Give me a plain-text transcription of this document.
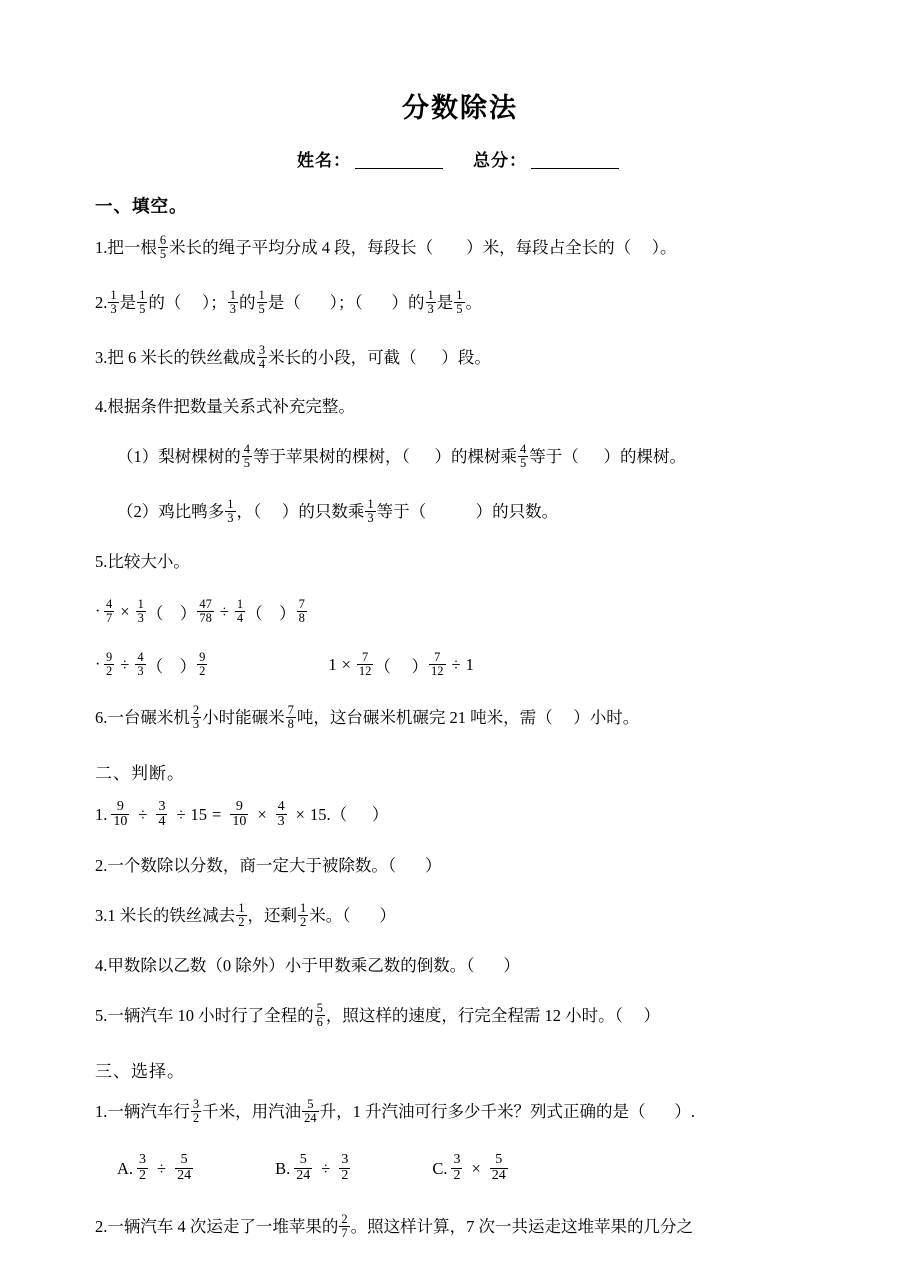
分数除法
姓名：	总分：
一、填空。
1. 把一根 $\frac{6}{5}$ 米长的绳子平均分成 4 段，每段长（
）米，每段占全长的（
）。
2. $\frac{1}{3}$ 是 $\frac{1}{5}$ 的（
）； $\frac{1}{3}$ 的 $\frac{1}{5}$ 是（
）；（
）的 $\frac{1}{3}$ 是 $\frac{1}{5}$ 。
3. 把 6 米长的铁丝截成 $\frac{3}{4}$ 米长的小段，可截（
）段。
4. 根据条件把数量关系式补充完整。
（1）梨树棵树的 $\frac{4}{5}$ 等于苹果树的棵树，（
）的棵树乘 $\frac{4}{5}$ 等于（
）的棵树。
（2）鸡比鸭多 $\frac{1}{3}$ ，（
）的只数乘 $\frac{1}{3}$ 等于（
	）的只数。
5. 比较大小。
· $\frac{4}{7} \times \frac{1}{3}$ （
） $\frac{47}{78} \div \frac{1}{4}$ （
） $\frac{7}{8}$
· $\frac{9}{2} \div \frac{4}{3}$ （
） $\frac{9}{2}$	$1 \times \frac{7}{12}$ （
） $\frac{7}{12} \div 1$
6. 一台碾米机 $\frac{2}{3}$ 小时能碾米 $\frac{7}{8}$ 吨，这台碾米机碾完 21 吨米，需（
）小时。
二、判断。
1. $\frac{9}{10} \div \frac{3}{4} \div 15 = \frac{9}{10} \times \frac{4}{3} \times 15$. （
）
2. 一个数除以分数，商一定大于被除数。（
）
3. 1 米长的铁丝减去 $\frac{1}{2}$ ，还剩 $\frac{1}{2}$ 米。（
）
4. 甲数除以乙数（0 除外）小于甲数乘乙数的倒数。（
）
5. 一辆汽车 10 小时行了全程的 $\frac{5}{6}$ ，照这样的速度，行完全程需 12 小时。（
）
三、选择。
1. 一辆汽车行 $\frac{3}{2}$ 千米，用汽油 $\frac{5}{24}$ 升，1 升汽油可行多少千米？列式正确的是（
）.
A. $\frac{3}{2} \div \frac{5}{24}$	B. $\frac{5}{24} \div \frac{3}{2}$	C. $\frac{3}{2} \times \frac{5}{24}$
2. 一辆汽车 4 次运走了一堆苹果的 $\frac{2}{7}$ 。照这样计算，7 次一共运走这堆苹果的几分之
